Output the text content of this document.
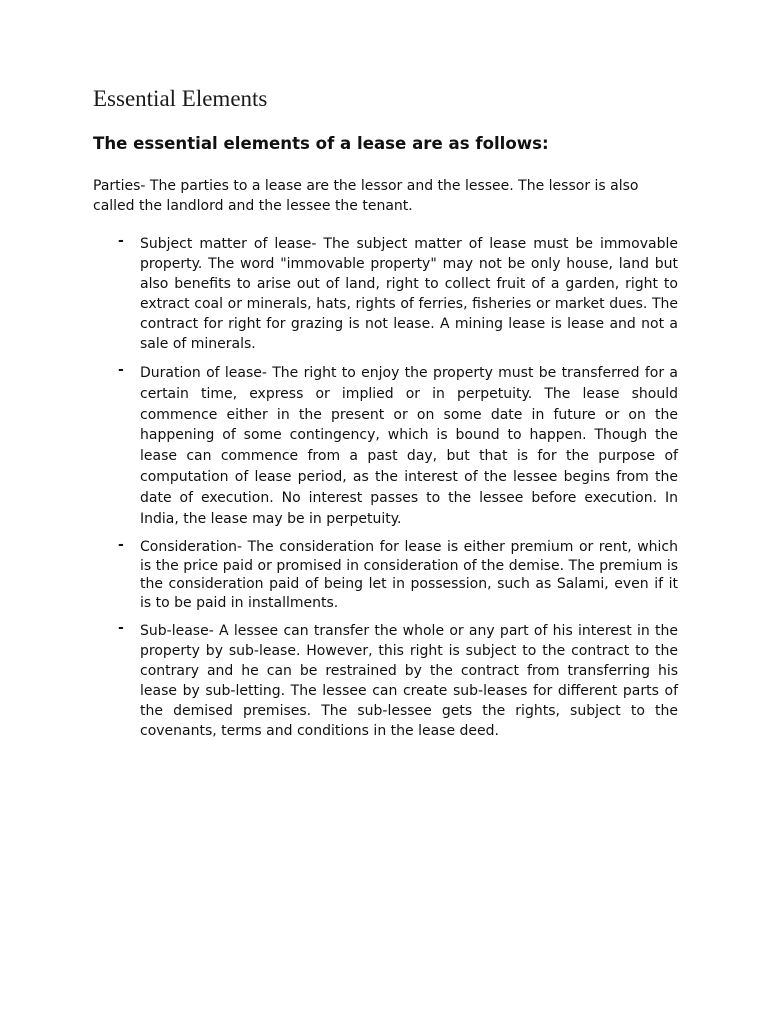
Essential Elements
The essential elements of a lease are as follows:

Parties- The parties to a lease are the lessor and the lessee. The lessor is also called the landlord and the lessee the tenant.

- Subject matter of lease- The subject matter of lease must be immovable property. The word "immovable property" may not be only house, land but also benefits to arise out of land, right to collect fruit of a garden, right to extract coal or minerals, hats, rights of ferries, fisheries or market dues. The contract for right for grazing is not lease. A mining lease is lease and not a sale of minerals.
- Duration of lease- The right to enjoy the property must be transferred for a certain time, express or implied or in perpetuity. The lease should commence either in the present or on some date in future or on the happening of some contingency, which is bound to happen. Though the lease can commence from a past day, but that is for the purpose of computation of lease period, as the interest of the lessee begins from the date of execution. No interest passes to the lessee before execution. In India, the lease may be in perpetuity.
- Consideration- The consideration for lease is either premium or rent, which is the price paid or promised in consideration of the demise. The premium is the consideration paid of being let in possession, such as Salami, even if it is to be paid in installments.
- Sub-lease- A lessee can transfer the whole or any part of his interest in the property by sub-lease. However, this right is subject to the contract to the contrary and he can be restrained by the contract from transferring his lease by sub-letting. The lessee can create sub-leases for different parts of the demised premises. The sub-lessee gets the rights, subject to the covenants, terms and conditions in the lease deed.
